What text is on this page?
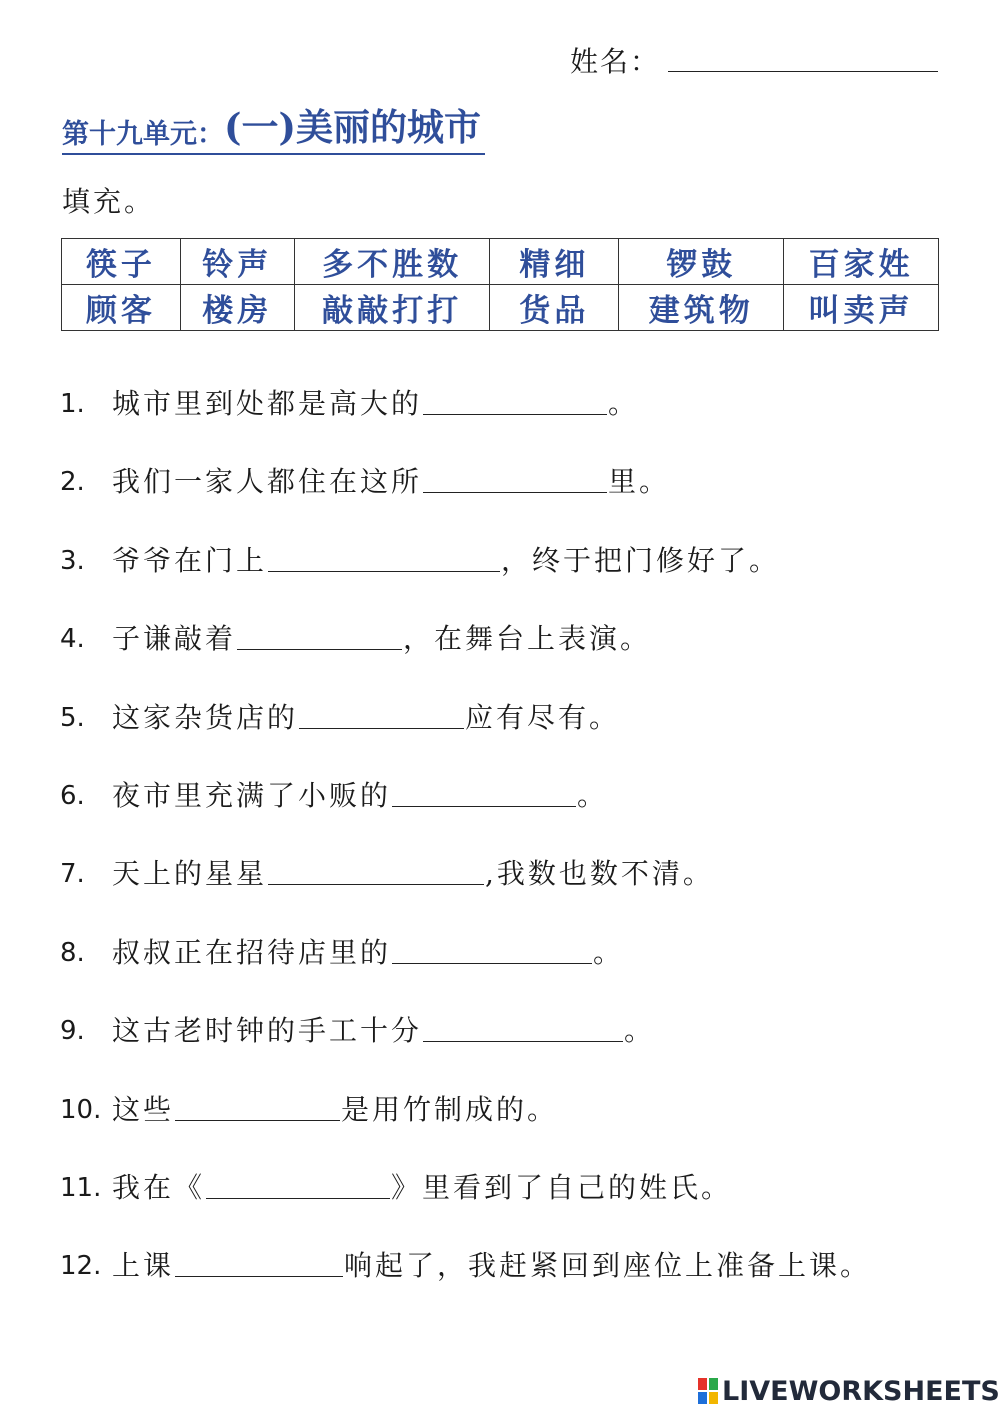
姓名：
第十九单元： (一)美丽的城市
填充。
筷子	铃声	多不胜数	精细	锣鼓	百家姓
顾客	楼房	敲敲打打	货品	建筑物	叫卖声
1. 城市里到处都是高大的	。
2. 我们一家人都住在这所	里。
3. 爷爷在门上	，终于把门修好了。
4. 子谦敲着	，在舞台上表演。
5. 这家杂货店的	应有尽有。
6. 夜市里充满了小贩的	。
7. 天上的星星	,我数也数不清。
8. 叔叔正在招待店里的	。
9. 这古老时钟的手工十分	。
10. 这些	是用竹制成的。
11. 我在《	》里看到了自己的姓氏。
12. 上课	响起了，我赶紧回到座位上准备上课。
LIVEWORKSHEETS
